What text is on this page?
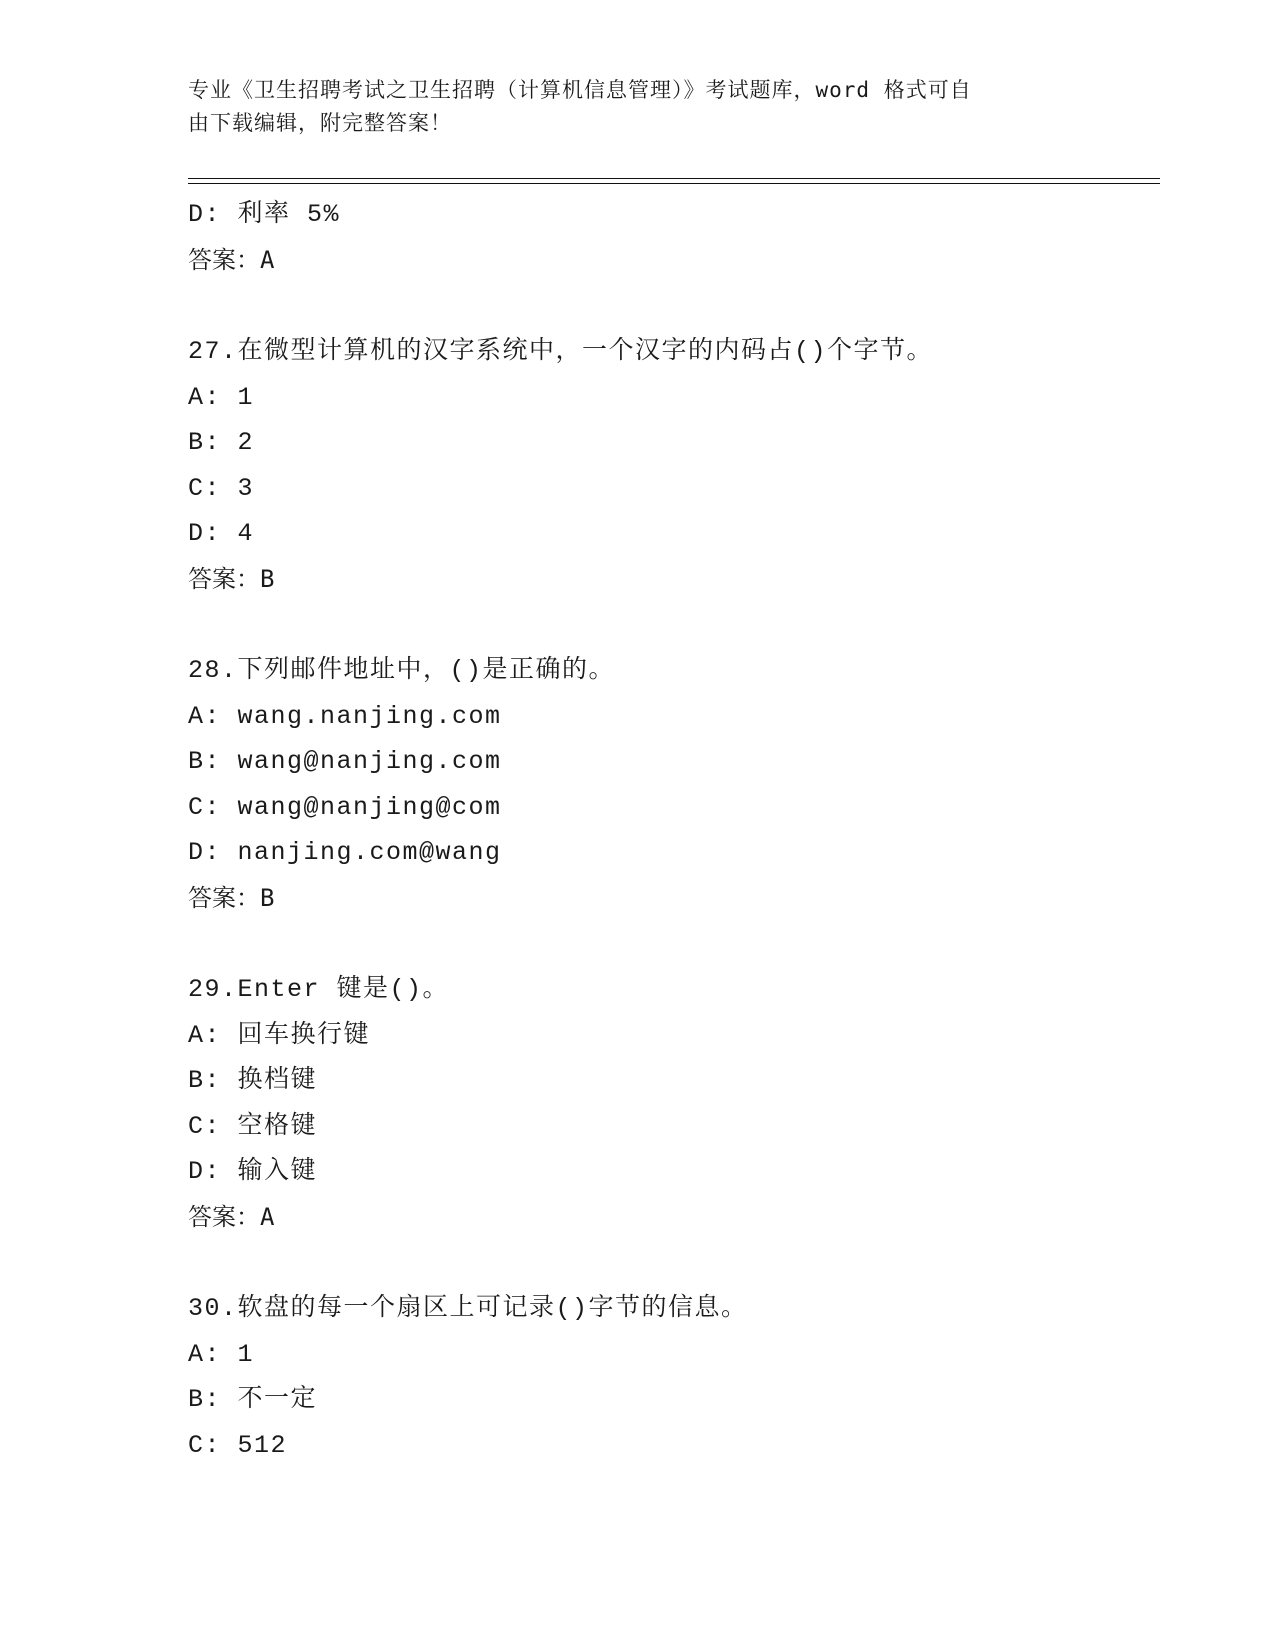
专业《卫生招聘考试之卫生招聘（计算机信息管理）》考试题库，word 格式可自
由下载编辑，附完整答案！
D: 利率 5%
答案：A
27.在微型计算机的汉字系统中，一个汉字的内码占()个字节。
A: 1
B: 2
C: 3
D: 4
答案：B
28.下列邮件地址中，()是正确的。
A: wang.nanjing.com
B: wang@nanjing.com
C: wang@nanjing@com
D: nanjing.com@wang
答案：B
29.Enter 键是()。
A: 回车换行键
B: 换档键
C: 空格键
D: 输入键
答案：A
30.软盘的每一个扇区上可记录()字节的信息。
A: 1
B: 不一定
C: 512
